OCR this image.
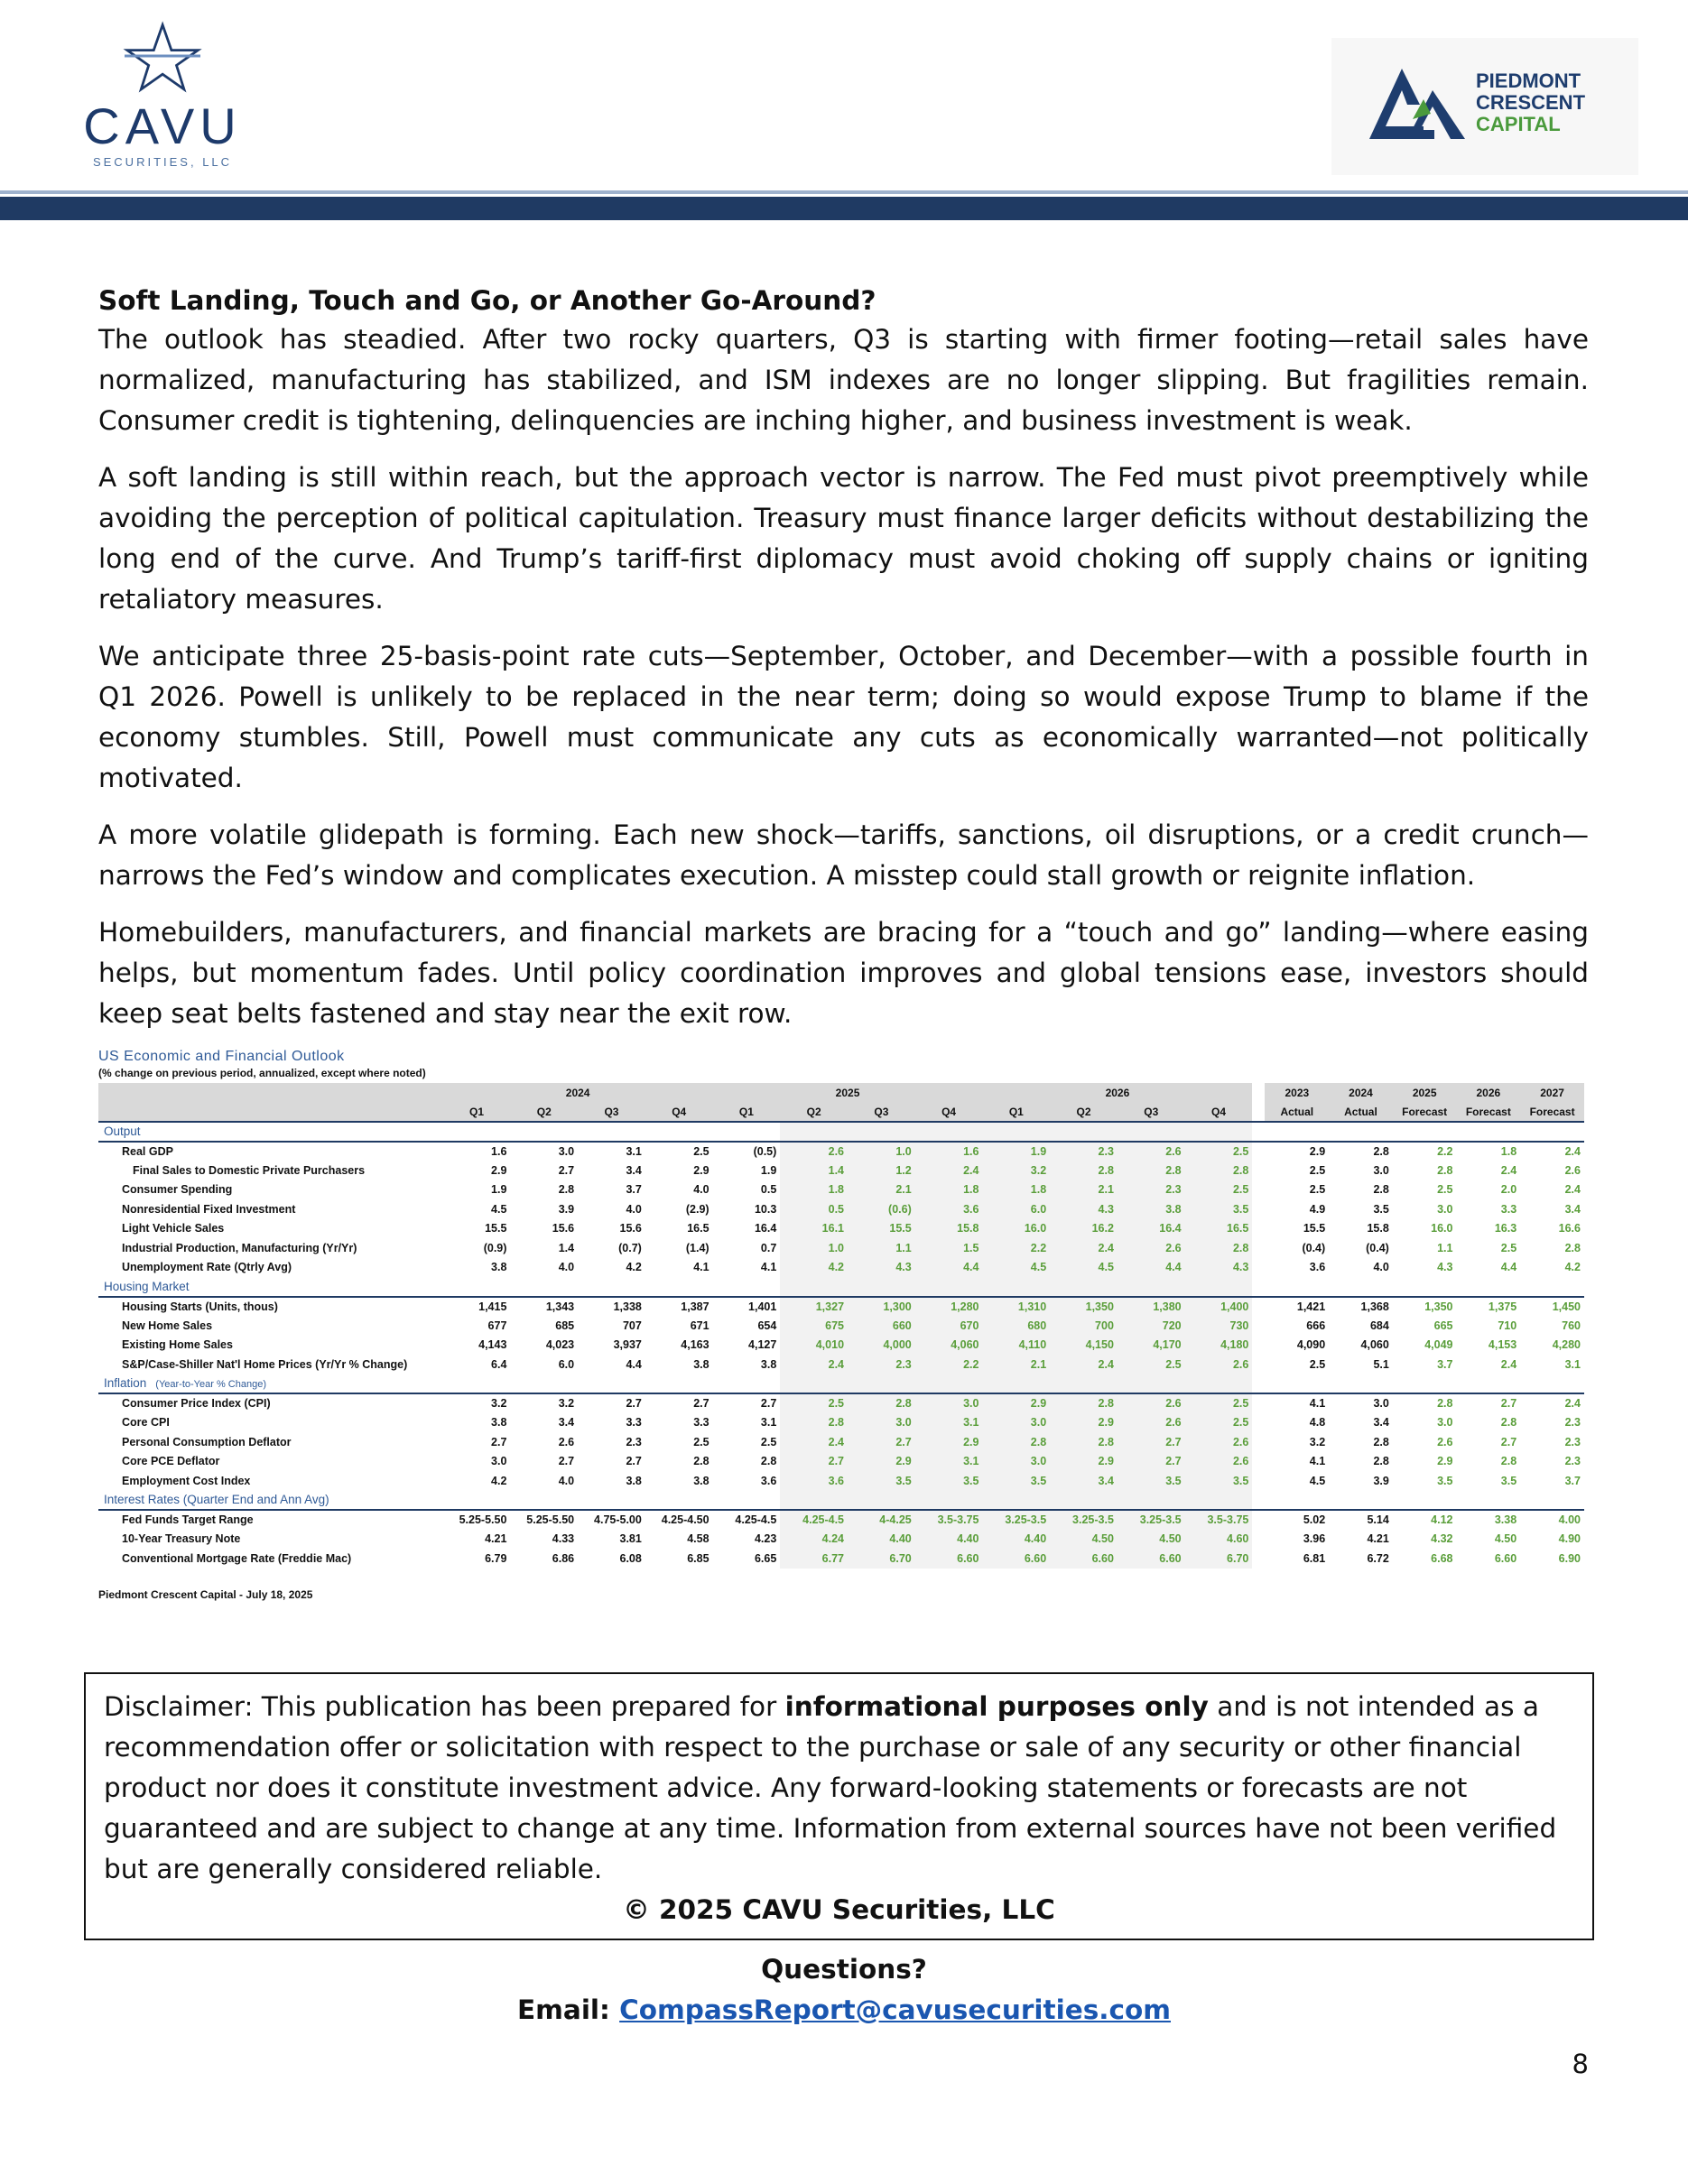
CAVU
SECURITIES, LLC
PIEDMONT
CRESCENT
CAPITAL
Soft Landing, Touch and Go, or Another Go-Around?

The outlook has steadied. After two rocky quarters, Q3 is starting with firmer footing—retail sales have normalized, manufacturing has stabilized, and ISM indexes are no longer slipping. But fragilities remain. Consumer credit is tightening, delinquencies are inching higher, and business investment is weak.

A soft landing is still within reach, but the approach vector is narrow. The Fed must pivot preemptively while avoiding the perception of political capitulation. Treasury must finance larger deficits without destabilizing the long end of the curve. And Trump’s tariff-first diplomacy must avoid choking off supply chains or igniting retaliatory measures.

We anticipate three 25-basis-point rate cuts—September, October, and December—with a possible fourth in Q1 2026. Powell is unlikely to be replaced in the near term; doing so would expose Trump to blame if the economy stumbles. Still, Powell must communicate any cuts as economically warranted—not politically motivated.

A more volatile glidepath is forming. Each new shock—tariffs, sanctions, oil disruptions, or a credit crunch—narrows the Fed’s window and complicates execution. A misstep could stall growth or reignite inflation.

Homebuilders, manufacturers, and financial markets are bracing for a “touch and go” landing—where easing helps, but momentum fades. Until policy coordination improves and global tensions ease, investors should keep seat belts fastened and stay near the exit row.

US Economic and Financial Outlook
(% change on previous period, annualized, except where noted)
	2024				2025				2026					2023	2024	2025	2026	2027
	Q1	Q2	Q3	Q4	Q1	Q2	Q3	Q4	Q1	Q2	Q3	Q4		Actual	Actual	Forecast	Forecast	Forecast
Output																		
Real GDP	1.6	3.0	3.1	2.5	(0.5)	2.6	1.0	1.6	1.9	2.3	2.6	2.5		2.9	2.8	2.2	1.8	2.4
Final Sales to Domestic Private Purchasers	2.9	2.7	3.4	2.9	1.9	1.4	1.2	2.4	3.2	2.8	2.8	2.8		2.5	3.0	2.8	2.4	2.6
Consumer Spending	1.9	2.8	3.7	4.0	0.5	1.8	2.1	1.8	1.8	2.1	2.3	2.5		2.5	2.8	2.5	2.0	2.4
Nonresidential Fixed Investment	4.5	3.9	4.0	(2.9)	10.3	0.5	(0.6)	3.6	6.0	4.3	3.8	3.5		4.9	3.5	3.0	3.3	3.4
Light Vehicle Sales	15.5	15.6	15.6	16.5	16.4	16.1	15.5	15.8	16.0	16.2	16.4	16.5		15.5	15.8	16.0	16.3	16.6
Industrial Production, Manufacturing (Yr/Yr)	(0.9)	1.4	(0.7)	(1.4)	0.7	1.0	1.1	1.5	2.2	2.4	2.6	2.8		(0.4)	(0.4)	1.1	2.5	2.8
Unemployment Rate (Qtrly Avg)	3.8	4.0	4.2	4.1	4.1	4.2	4.3	4.4	4.5	4.5	4.4	4.3		3.6	4.0	4.3	4.4	4.2
Housing Market																		
Housing Starts (Units, thous)	1,415	1,343	1,338	1,387	1,401	1,327	1,300	1,280	1,310	1,350	1,380	1,400		1,421	1,368	1,350	1,375	1,450
New Home Sales	677	685	707	671	654	675	660	670	680	700	720	730		666	684	665	710	760
Existing Home Sales	4,143	4,023	3,937	4,163	4,127	4,010	4,000	4,060	4,110	4,150	4,170	4,180		4,090	4,060	4,049	4,153	4,280
S&P/Case-Shiller Nat'l Home Prices (Yr/Yr % Change)	6.4	6.0	4.4	3.8	3.8	2.4	2.3	2.2	2.1	2.4	2.5	2.6		2.5	5.1	3.7	2.4	3.1
Inflation (Year-to-Year % Change)																		
Consumer Price Index (CPI)	3.2	3.2	2.7	2.7	2.7	2.5	2.8	3.0	2.9	2.8	2.6	2.5		4.1	3.0	2.8	2.7	2.4
Core CPI	3.8	3.4	3.3	3.3	3.1	2.8	3.0	3.1	3.0	2.9	2.6	2.5		4.8	3.4	3.0	2.8	2.3
Personal Consumption Deflator	2.7	2.6	2.3	2.5	2.5	2.4	2.7	2.9	2.8	2.8	2.7	2.6		3.2	2.8	2.6	2.7	2.3
Core PCE Deflator	3.0	2.7	2.7	2.8	2.8	2.7	2.9	3.1	3.0	2.9	2.7	2.6		4.1	2.8	2.9	2.8	2.3
Employment Cost Index	4.2	4.0	3.8	3.8	3.6	3.6	3.5	3.5	3.5	3.4	3.5	3.5		4.5	3.9	3.5	3.5	3.7
Interest Rates (Quarter End and Ann Avg)																		
Fed Funds Target Range	5.25-5.50	5.25-5.50	4.75-5.00	4.25-4.50	4.25-4.5	4.25-4.5	4-4.25	3.5-3.75	3.25-3.5	3.25-3.5	3.25-3.5	3.5-3.75		5.02	5.14	4.12	3.38	4.00
10-Year Treasury Note	4.21	4.33	3.81	4.58	4.23	4.24	4.40	4.40	4.40	4.50	4.50	4.60		3.96	4.21	4.32	4.50	4.90
Conventional Mortgage Rate (Freddie Mac)	6.79	6.86	6.08	6.85	6.65	6.77	6.70	6.60	6.60	6.60	6.60	6.70		6.81	6.72	6.68	6.60	6.90
Piedmont Crescent Capital - July 18, 2025
Disclaimer: This publication has been prepared for informational purposes only and is not intended as a recommendation offer or solicitation with respect to the purchase or sale of any security or other financial product nor does it constitute investment advice. Any forward-looking statements or forecasts are not guaranteed and are subject to change at any time. Information from external sources have not been verified but are generally considered reliable.
© 2025 CAVU Securities, LLC
Questions?
Email: CompassReport@cavusecurities.com
8
